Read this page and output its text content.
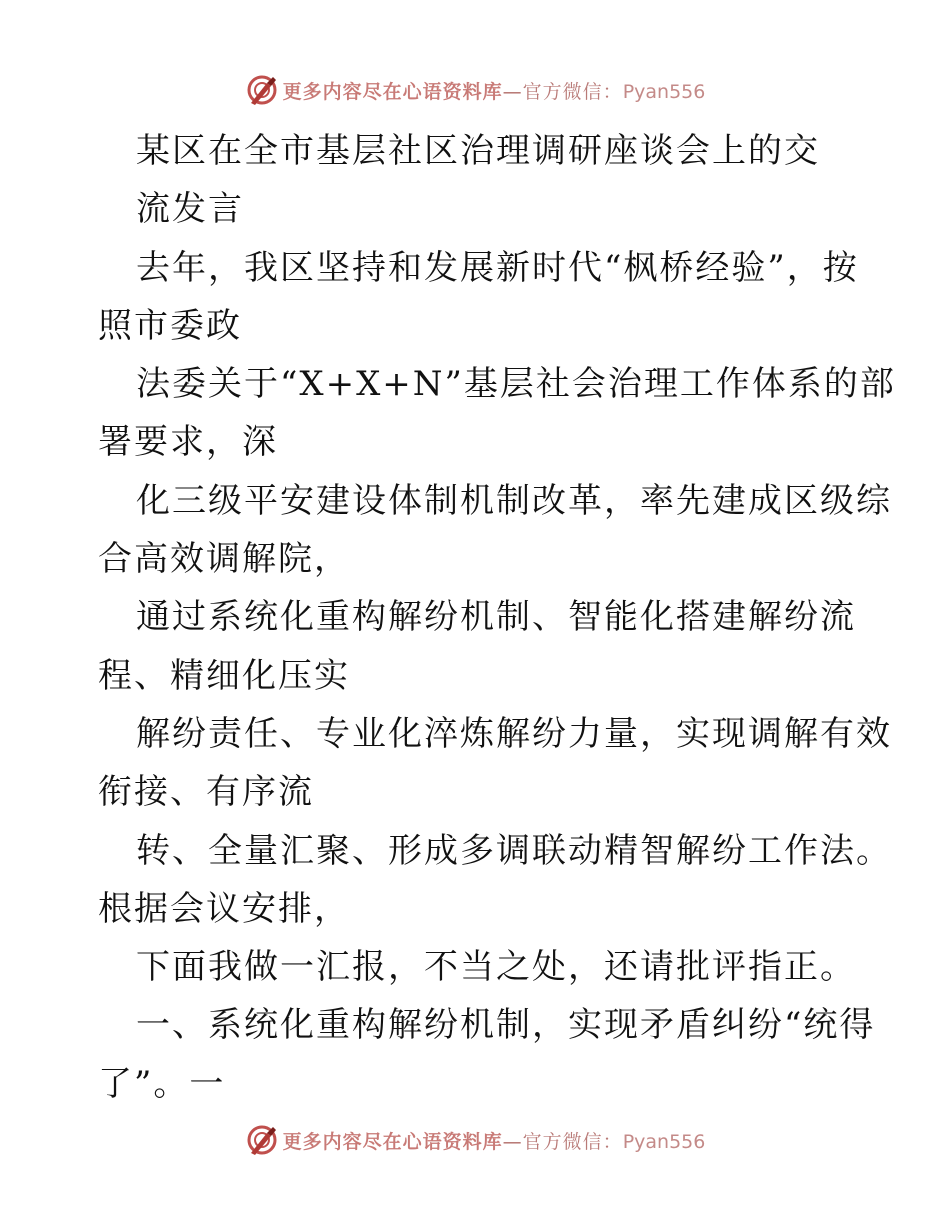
更多内容尽在心语资料库—官方微信：Pyan556
某区在全市基层社区治理调研座谈会上的交
流发言
去年，我区坚持和发展新时代“枫桥经验”，按
照市委政
法委关于“X+X+N”基层社会治理工作体系的部
署要求，深
化三级平安建设体制机制改革，率先建成区级综
合高效调解院，
通过系统化重构解纷机制、智能化搭建解纷流
程、精细化压实
解纷责任、专业化淬炼解纷力量，实现调解有效
衔接、有序流
转、全量汇聚、形成多调联动精智解纷工作法。
根据会议安排，
下面我做一汇报，不当之处，还请批评指正。
一、系统化重构解纷机制，实现矛盾纠纷“统得
了”。一
更多内容尽在心语资料库—官方微信：Pyan556
